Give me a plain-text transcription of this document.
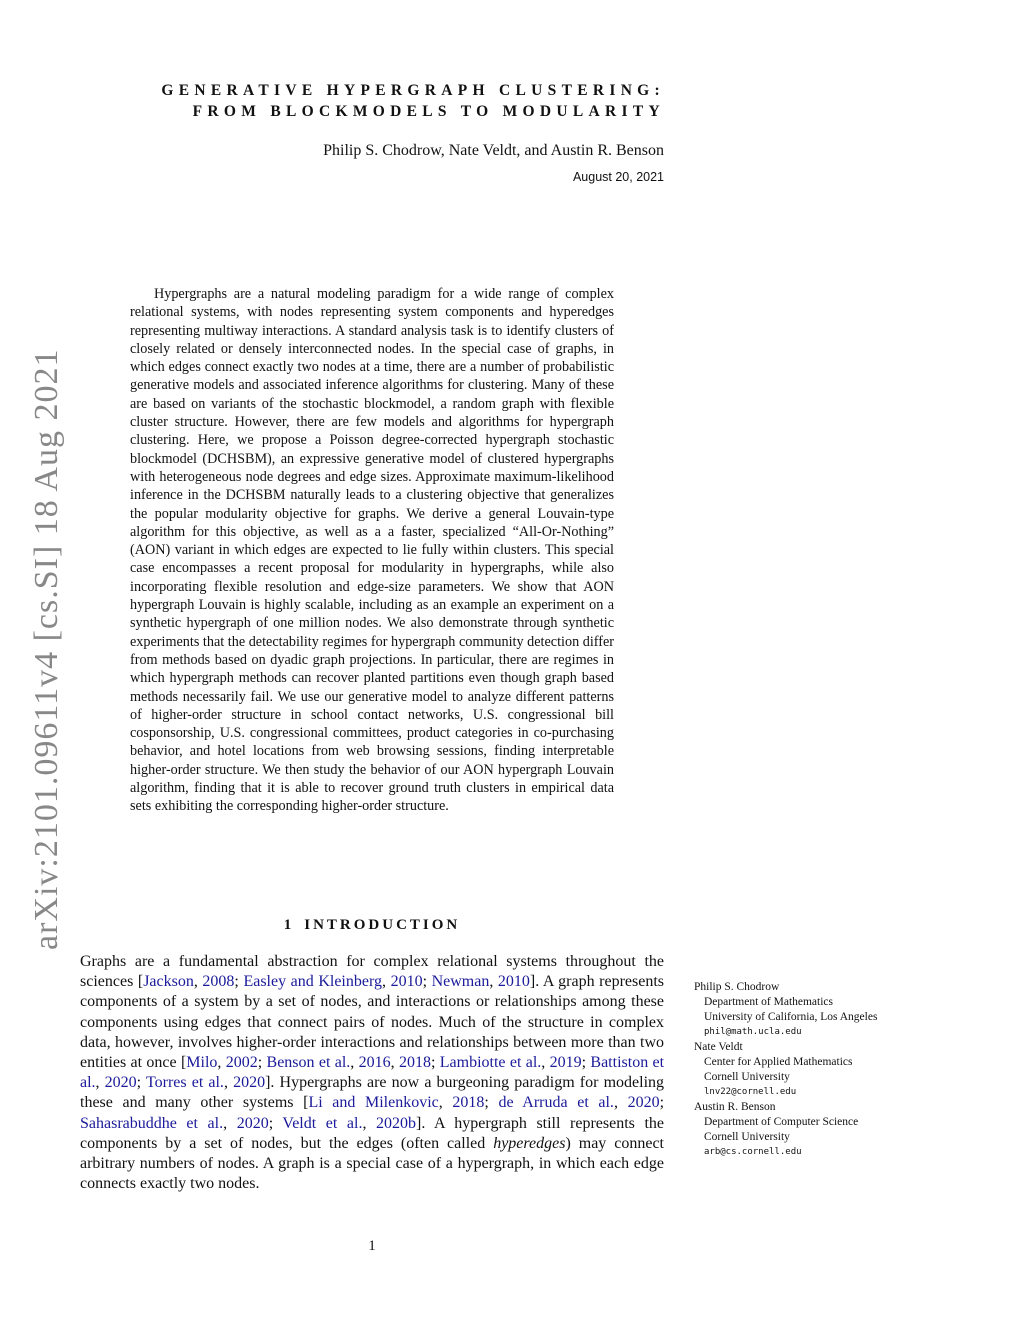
arXiv:2101.09611v4 [cs.SI] 18 Aug 2021
GENERATIVE HYPERGRAPH CLUSTERING:
FROM BLOCKMODELS TO MODULARITY
Philip S. Chodrow, Nate Veldt, and Austin R. Benson
August 20, 2021

Hypergraphs are a natural modeling paradigm for a wide range of complex relational systems, with nodes representing system components and hyperedges representing multiway interactions. A standard analysis task is to identify clusters of closely related or densely interconnected nodes. In the special case of graphs, in which edges connect exactly two nodes at a time, there are a number of probabilistic generative models and associated inference algorithms for clustering. Many of these are based on variants of the stochastic blockmodel, a random graph with flexible cluster structure. However, there are few models and algorithms for hypergraph clustering. Here, we propose a Poisson degree-corrected hypergraph stochastic blockmodel (DCHSBM), an expressive generative model of clustered hypergraphs with heterogeneous node degrees and edge sizes. Approximate maximum-likelihood inference in the DCHSBM naturally leads to a clustering objective that generalizes the popular modularity objective for graphs. We derive a general Louvain-type algorithm for this objective, as well as a a faster, specialized “All-Or-Nothing” (AON) variant in which edges are expected to lie fully within clusters. This special case encompasses a recent proposal for modularity in hypergraphs, while also incorporating flexible resolution and edge-size parameters. We show that AON hypergraph Louvain is highly scalable, including as an example an experiment on a synthetic hypergraph of one million nodes. We also demonstrate through synthetic experiments that the detectability regimes for hypergraph community detection differ from methods based on dyadic graph projections. In particular, there are regimes in which hypergraph methods can recover planted partitions even though graph based methods necessarily fail. We use our generative model to analyze different patterns of higher-order structure in school contact networks, U.S. congressional bill cosponsorship, U.S. congressional committees, product categories in co-purchasing behavior, and hotel locations from web browsing sessions, finding interpretable higher-order structure. We then study the behavior of our AON hypergraph Louvain algorithm, finding that it is able to recover ground truth clusters in empirical data sets exhibiting the corresponding higher-order structure.

1 INTRODUCTION

Graphs are a fundamental abstraction for complex relational systems throughout the sciences [Jackson, 2008; Easley and Kleinberg, 2010; Newman, 2010]. A graph represents components of a system by a set of nodes, and interactions or relationships among these components using edges that connect pairs of nodes. Much of the structure in complex data, however, involves higher-order interactions and relationships between more than two entities at once [Milo, 2002; Benson et al., 2016, 2018; Lambiotte et al., 2019; Battiston et al., 2020; Torres et al., 2020]. Hypergraphs are now a burgeoning paradigm for modeling these and many other systems [Li and Milenkovic, 2018; de Arruda et al., 2020; Sahasrabuddhe et al., 2020; Veldt et al., 2020b]. A hypergraph still represents the components by a set of nodes, but the edges (often called hyperedges) may connect arbitrary numbers of nodes. A graph is a special case of a hypergraph, in which each edge connects exactly two nodes.

Philip S. Chodrow
Department of Mathematics
University of California, Los Angeles
phil@math.ucla.edu
Nate Veldt
Center for Applied Mathematics
Cornell University
lnv22@cornell.edu
Austin R. Benson
Department of Computer Science
Cornell University
arb@cs.cornell.edu
1
